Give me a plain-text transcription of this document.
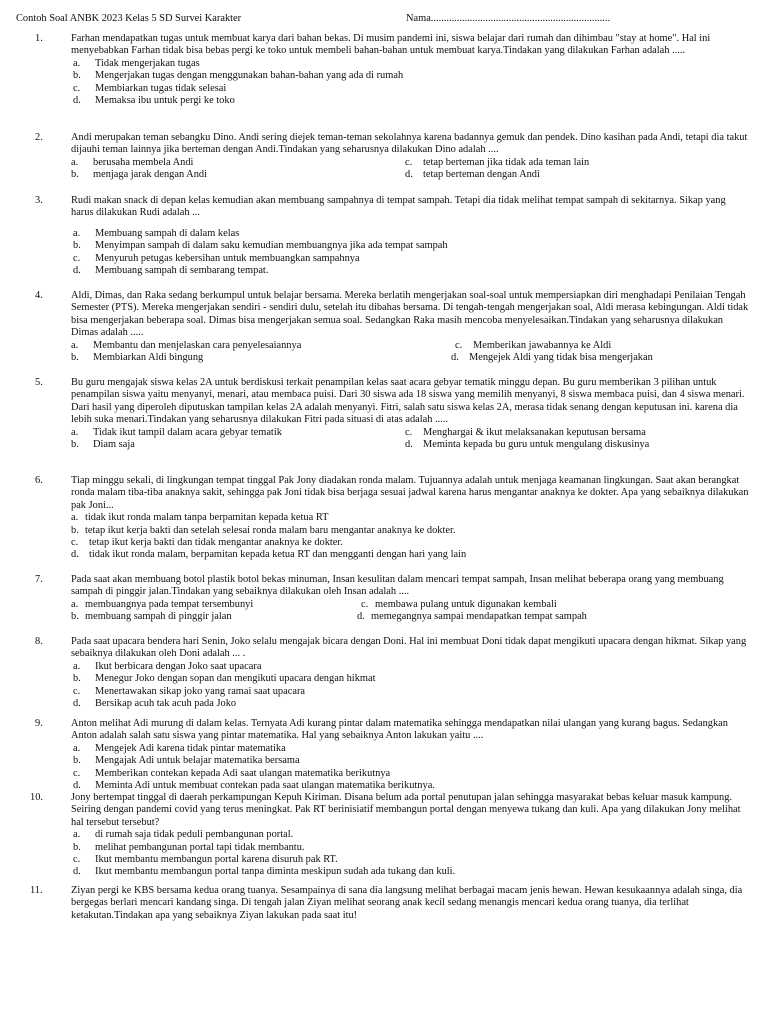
Contoh Soal ANBK 2023 Kelas 5 SD Survei Karakter	Nama.....................................................................
1.	Farhan mendapatkan tugas untuk membuat karya dari bahan bekas. Di musim pandemi ini, siswa belajar dari rumah dan dihimbau "stay at home". Hal ini menyebabkan Farhan tidak bisa bebas pergi ke toko untuk membeli bahan-bahan untuk membuat karya.Tindakan yang dilakukan Farhan adalah .....
a. Tidak mengerjakan tugas
b. Mengerjakan tugas dengan menggunakan bahan-bahan yang ada di rumah
c. Membiarkan tugas tidak selesai
d. Memaksa ibu untuk pergi ke toko
2.	Andi merupakan teman sebangku Dino. Andi sering diejek teman-teman sekolahnya karena badannya gemuk dan pendek. Dino kasihan pada Andi, tetapi dia takut dijauhi teman lainnya jika berteman dengan Andi.Tindakan yang seharusnya dilakukan Dino adalah ....
a. berusaha membela Andi	c. tetap berteman jika tidak ada teman lain
b. menjaga jarak dengan Andi	d. tetap berteman dengan Andi
3.	Rudi makan snack di depan kelas kemudian akan membuang sampahnya di tempat sampah. Tetapi dia tidak melihat tempat sampah di sekitarnya. Sikap yang harus dilakukan Rudi adalah ...
a. Membuang sampah di dalam kelas
b. Menyimpan sampah di dalam saku kemudian membuangnya jika ada tempat sampah
c. Menyuruh petugas kebersihan untuk membuangkan sampahnya
d. Membuang sampah di sembarang tempat.
4.	Aldi, Dimas, dan Raka sedang berkumpul untuk belajar bersama. Mereka berlatih mengerjakan soal-soal untuk mempersiapkan diri menghadapi Penilaian Tengah Semester (PTS). Mereka mengerjakan sendiri - sendiri dulu, setelah itu dibahas bersama. Di tengah-tengah mengerjakan soal, Aldi merasa kebingungan. Aldi tidak bisa mengerjakan beberapa soal. Dimas bisa mengerjakan semua soal. Sedangkan Raka masih mencoba menyelesaikan.Tindakan yang seharusnya dilakukan Dimas adalah .....
a. Membantu dan menjelaskan cara penyelesaiannya	c. Memberikan jawabannya ke Aldi
b. Membiarkan Aldi bingung	d. Mengejek Aldi yang tidak bisa mengerjakan
5.	Bu guru mengajak siswa kelas 2A untuk berdiskusi terkait penampilan kelas saat acara gebyar tematik minggu depan. Bu guru memberikan 3 pilihan untuk penampilan siswa yaitu menyanyi, menari, atau membaca puisi. Dari 30 siswa ada 18 siswa yang memilih menyanyi, 8 siswa membaca puisi, dan 4 siswa menari. Dari hasil yang diperoleh diputuskan tampilan kelas 2A adalah menyanyi. Fitri, salah satu siswa kelas 2A, merasa tidak senang dengan keputusan ini. karena dia lebih suka menari.Tindakan yang seharusnya dilakukan Fitri pada situasi di atas adalah .....
a. Tidak ikut tampil dalam acara gebyar tematik	c. Menghargai & ikut melaksanakan keputusan bersama
b. Diam saja	d. Meminta kepada bu guru untuk mengulang diskusinya
6.	Tiap minggu sekali, di lingkungan tempat tinggal Pak Jony diadakan ronda malam. Tujuannya adalah untuk menjaga keamanan lingkungan. Saat akan berangkat ronda malam tiba-tiba anaknya sakit, sehingga pak Joni tidak bisa berjaga sesuai jadwal karena harus mengantar anaknya ke dokter. Apa yang sebaiknya dilakukan pak Joni...
a. tidak ikut ronda malam tanpa berpamitan kepada ketua RT
b. tetap ikut kerja bakti dan setelah selesai ronda malam baru mengantar anaknya ke dokter.
c. tetap ikut kerja bakti dan tidak mengantar anaknya ke dokter.
d. tidak ikut ronda malam, berpamitan kepada ketua RT dan mengganti dengan hari yang lain
7.	Pada saat akan membuang botol plastik botol bekas minuman, Insan kesulitan dalam mencari tempat sampah, Insan melihat beberapa orang yang membuang sampah di pinggir jalan.Tindakan yang sebaiknya dilakukan oleh Insan adalah ....
a. membuangnya pada tempat tersembunyi	c. membawa pulang untuk digunakan kembali
b. membuang sampah di pinggir jalan	d. memegangnya sampai mendapatkan tempat sampah
8.	Pada saat upacara bendera hari Senin, Joko selalu mengajak bicara dengan Doni. Hal ini membuat Doni tidak dapat mengikuti upacara dengan hikmat. Sikap yang sebaiknya dilakukan oleh Doni adalah ... .
a. Ikut berbicara dengan Joko saat upacara
b. Menegur Joko dengan sopan dan mengikuti upacara dengan hikmat
c. Menertawakan sikap joko yang ramai saat upacara
d. Bersikap acuh tak acuh pada Joko
9.	Anton melihat Adi murung di dalam kelas. Ternyata Adi kurang pintar dalam matematika sehingga mendapatkan nilai ulangan yang kurang bagus. Sedangkan Anton adalah salah satu siswa yang pintar matematika. Hal yang sebaiknya Anton lakukan yaitu ....
a. Mengejek Adi karena tidak pintar matematika
b. Mengajak Adi untuk belajar matematika bersama
c. Memberikan contekan kepada Adi saat ulangan matematika berikutnya
d. Meminta Adi untuk membuat contekan pada saat ulangan matematika berikutnya.
10.	Jony bertempat tinggal di daerah perkampungan Kepuh Kiriman. Disana belum ada portal penutupan jalan sehingga masyarakat bebas keluar masuk kampung. Seiring dengan pandemi covid yang terus meningkat. Pak RT berinisiatif membangun portal dengan menyewa tukang dan kuli. Apa yang dilakukan Jony melihat hal tersebut tersebut?
a. di rumah saja tidak peduli pembangunan portal.
b. melihat pembangunan portal tapi tidak membantu.
c. Ikut membantu membangun portal karena disuruh pak RT.
d. Ikut membantu membangun portal tanpa diminta meskipun sudah ada tukang dan kuli.
11.	Ziyan pergi ke KBS bersama kedua orang tuanya. Sesampainya di sana dia langsung melihat berbagai macam jenis hewan. Hewan kesukaannya adalah singa, dia bergegas berlari mencari kandang singa. Di tengah jalan Ziyan melihat seorang anak kecil sedang menangis mencari kedua orang tuanya, dia terlihat ketakutan.Tindakan apa yang sebaiknya Ziyan lakukan pada saat itu!
